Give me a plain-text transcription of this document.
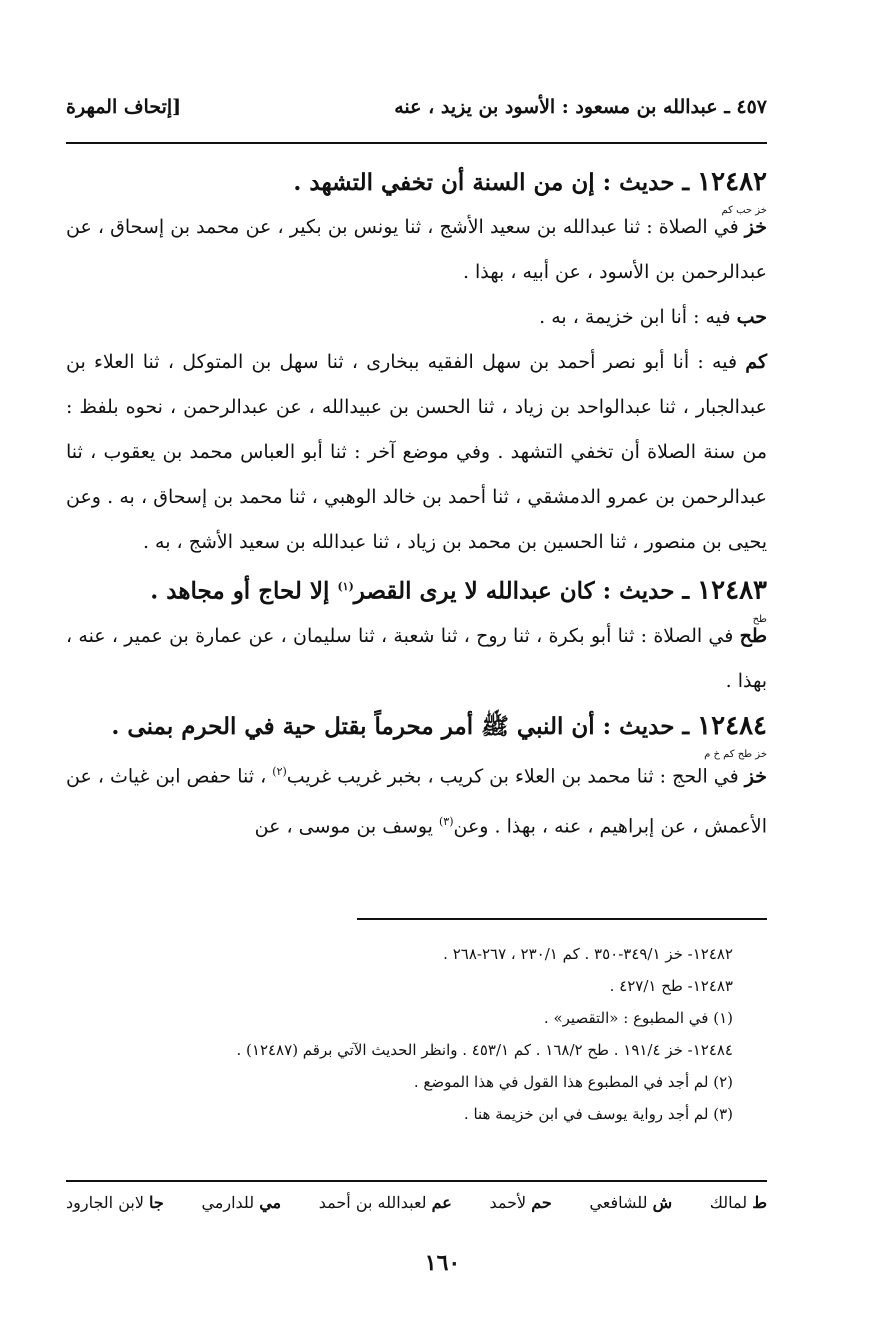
٤٥٧ ـ عبدالله بن مسعود : الأسود بن يزيد ، عنه
[إتحاف المهرة
١٢٤٨٢ ـ حديث : إن من السنة أن تخفي التشهد .
خز حب كم

خز في الصلاة : ثنا عبدالله بن سعيد الأشج ، ثنا يونس بن بكير ، عن محمد بن إسحاق ، عن عبدالرحمن بن الأسود ، عن أبيه ، بهذا .

حب فيه : أنا ابن خزيمة ، به .

كم فيه : أنا أبو نصر أحمد بن سهل الفقيه ببخارى ، ثنا سهل بن المتوكل ، ثنا العلاء بن عبدالجبار ، ثنا عبدالواحد بن زياد ، ثنا الحسن بن عبيدالله ، عن عبدالرحمن ، نحوه بلفظ : من سنة الصلاة أن تخفي التشهد . وفي موضع آخر : ثنا أبو العباس محمد بن يعقوب ، ثنا عبدالرحمن بن عمرو الدمشقي ، ثنا أحمد بن خالد الوهبي ، ثنا محمد بن إسحاق ، به . وعن يحيى بن منصور ، ثنا الحسين بن محمد بن زياد ، ثنا عبدالله بن سعيد الأشج ، به .

١٢٤٨٣ ـ حديث : كان عبدالله لا يرى القصر$^{(١)}$ إلا لحاج أو مجاهد .
طح

طح في الصلاة : ثنا أبو بكرة ، ثنا روح ، ثنا شعبة ، ثنا سليمان ، عن عمارة بن عمير ، عنه ، بهذا .

١٢٤٨٤ ـ حديث : أن النبي ﷺ أمر محرماً بقتل حية في الحرم بمنى .
خز طح كم خ م

خز في الحج : ثنا محمد بن العلاء بن كريب ، بخبر غريب غريب$^{(٢)}$ ، ثنا حفص ابن غياث ، عن الأعمش ، عن إبراهيم ، عنه ، بهذا . وعن$^{(٣)}$ يوسف بن موسى ، عن

١٢٤٨٢- خز ٣٤٩/١-٣٥٠ . كم ٢٣٠/١ ، ٢٦٧-٢٦٨ .

١٢٤٨٣- طح ٤٢٧/١ .

(١) في المطبوع : «التقصير» .

١٢٤٨٤- خز ١٩١/٤ . طح ١٦٨/٢ . كم ٤٥٣/١ . وانظر الحديث الآتي برقم (١٢٤٨٧) .

(٢) لم أجد في المطبوع هذا القول في هذا الموضع .

(٣) لم أجد رواية يوسف في ابن خزيمة هنا .

ط لمالك
ش للشافعي
حم لأحمد
عم لعبدالله بن أحمد
مي للدارمي
جا لابن الجارود
١٦٠
